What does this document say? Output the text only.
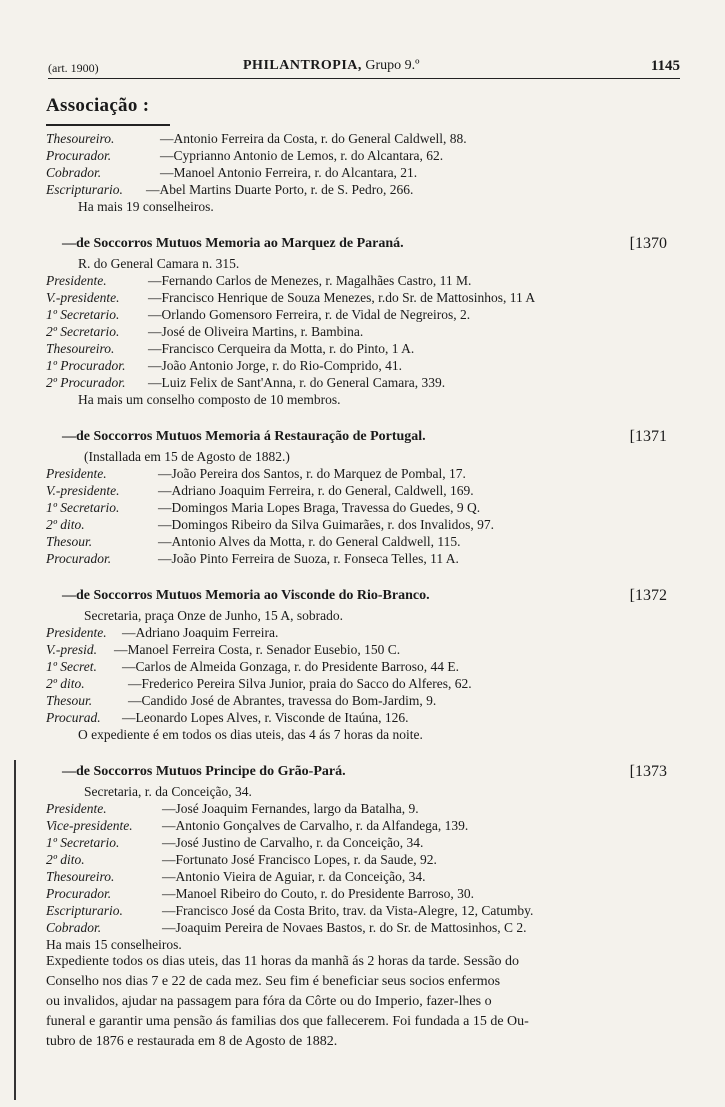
(art. 1900)	PHILANTROPIA, Grupo 9.º	1145
Associação :
Thesoureiro.	—Antonio Ferreira da Costa, r. do General Caldwell, 88.
Procurador.	—Cyprianno Antonio de Lemos, r. do Alcantara, 62.
Cobrador.	—Manoel Antonio Ferreira, r. do Alcantara, 21.
Escripturario. —Abel Martins Duarte Porto, r. de S. Pedro, 266.
Ha mais 19 conselheiros.
—de Soccorros Mutuos Memoria ao Marquez de Paraná.	[1370
R. do General Camara n. 315.
Presidente.	—Fernando Carlos de Menezes, r. Magalhães Castro, 11 M.
V.-presidente. —Francisco Henrique de Souza Menezes, r.do Sr. de Mattosinhos, 11 A
1º Secretario. —Orlando Gomensoro Ferreira, r. de Vidal de Negreiros, 2.
2º Secretario. —José de Oliveira Martins, r. Bambina.
Thesoureiro. —Francisco Cerqueira da Motta, r. do Pinto, 1 A.
1º Procurador. —João Antonio Jorge, r. do Rio-Comprido, 41.
2º Procurador. —Luiz Felix de Sant'Anna, r. do General Camara, 339.
Ha mais um conselho composto de 10 membros.
—de Soccorros Mutuos Memoria á Restauração de Portugal.	[1371
(Installada em 15 de Agosto de 1882.)
Presidente.	—João Pereira dos Santos, r. do Marquez de Pombal, 17.
V.-presidente.	—Adriano Joaquim Ferreira, r. do General, Caldwell, 169.
1º Secretario.	—Domingos Maria Lopes Braga, Travessa do Guedes, 9 Q.
2º dito.	—Domingos Ribeiro da Silva Guimarães, r. dos Invalidos, 97.
Thesour.	—Antonio Alves da Motta, r. do General Caldwell, 115.
Procurador.	—João Pinto Ferreira de Suoza, r. Fonseca Telles, 11 A.
—de Soccorros Mutuos Memoria ao Visconde do Rio-Branco.	[1372
Secretaria, praça Onze de Junho, 15 A, sobrado.
Presidente. —Adriano Joaquim Ferreira.
V.-presid. —Manoel Ferreira Costa, r. Senador Eusebio, 150 C.
1º Secret. —Carlos de Almeida Gonzaga, r. do Presidente Barroso, 44 E.
2º dito.	—Frederico Pereira Silva Junior, praia do Sacco do Alferes, 62.
Thesour.	—Candido José de Abrantes, travessa do Bom-Jardim, 9.
Procurad. —Leonardo Lopes Alves, r. Visconde de Itaúna, 126.
O expediente é em todos os dias uteis, das 4 ás 7 horas da noite.
—de Soccorros Mutuos Principe do Grão-Pará.	[1373
Secretaria, r. da Conceição, 34.
Presidente.	—José Joaquim Fernandes, largo da Batalha, 9.
Vice-presidente. —Antonio Gonçalves de Carvalho, r. da Alfandega, 139.
1º Secretario.	—José Justino de Carvalho, r. da Conceição, 34.
2º dito.	—Fortunato José Francisco Lopes, r. da Saude, 92.
Thesoureiro.	—Antonio Vieira de Aguiar, r. da Conceição, 34.
Procurador.	—Manoel Ribeiro do Couto, r. do Presidente Barroso, 30.
Escripturario.	—Francisco José da Costa Brito, trav. da Vista-Alegre, 12, Catumby.
Cobrador.	—Joaquim Pereira de Novaes Bastos, r. do Sr. de Mattosinhos, C 2.
Ha mais 15 conselheiros.
Expediente todos os dias uteis, das 11 horas da manhã ás 2 horas da tarde. Sessão do
Conselho nos dias 7 e 22 de cada mez. Seu fim é beneficiar seus socios enfermos
ou invalidos, ajudar na passagem para fóra da Côrte ou do Imperio, fazer-lhes o
funeral e garantir uma pensão ás familias dos que fallecerem. Foi fundada a 15 de Ou-
tubro de 1876 e restaurada em 8 de Agosto de 1882.
